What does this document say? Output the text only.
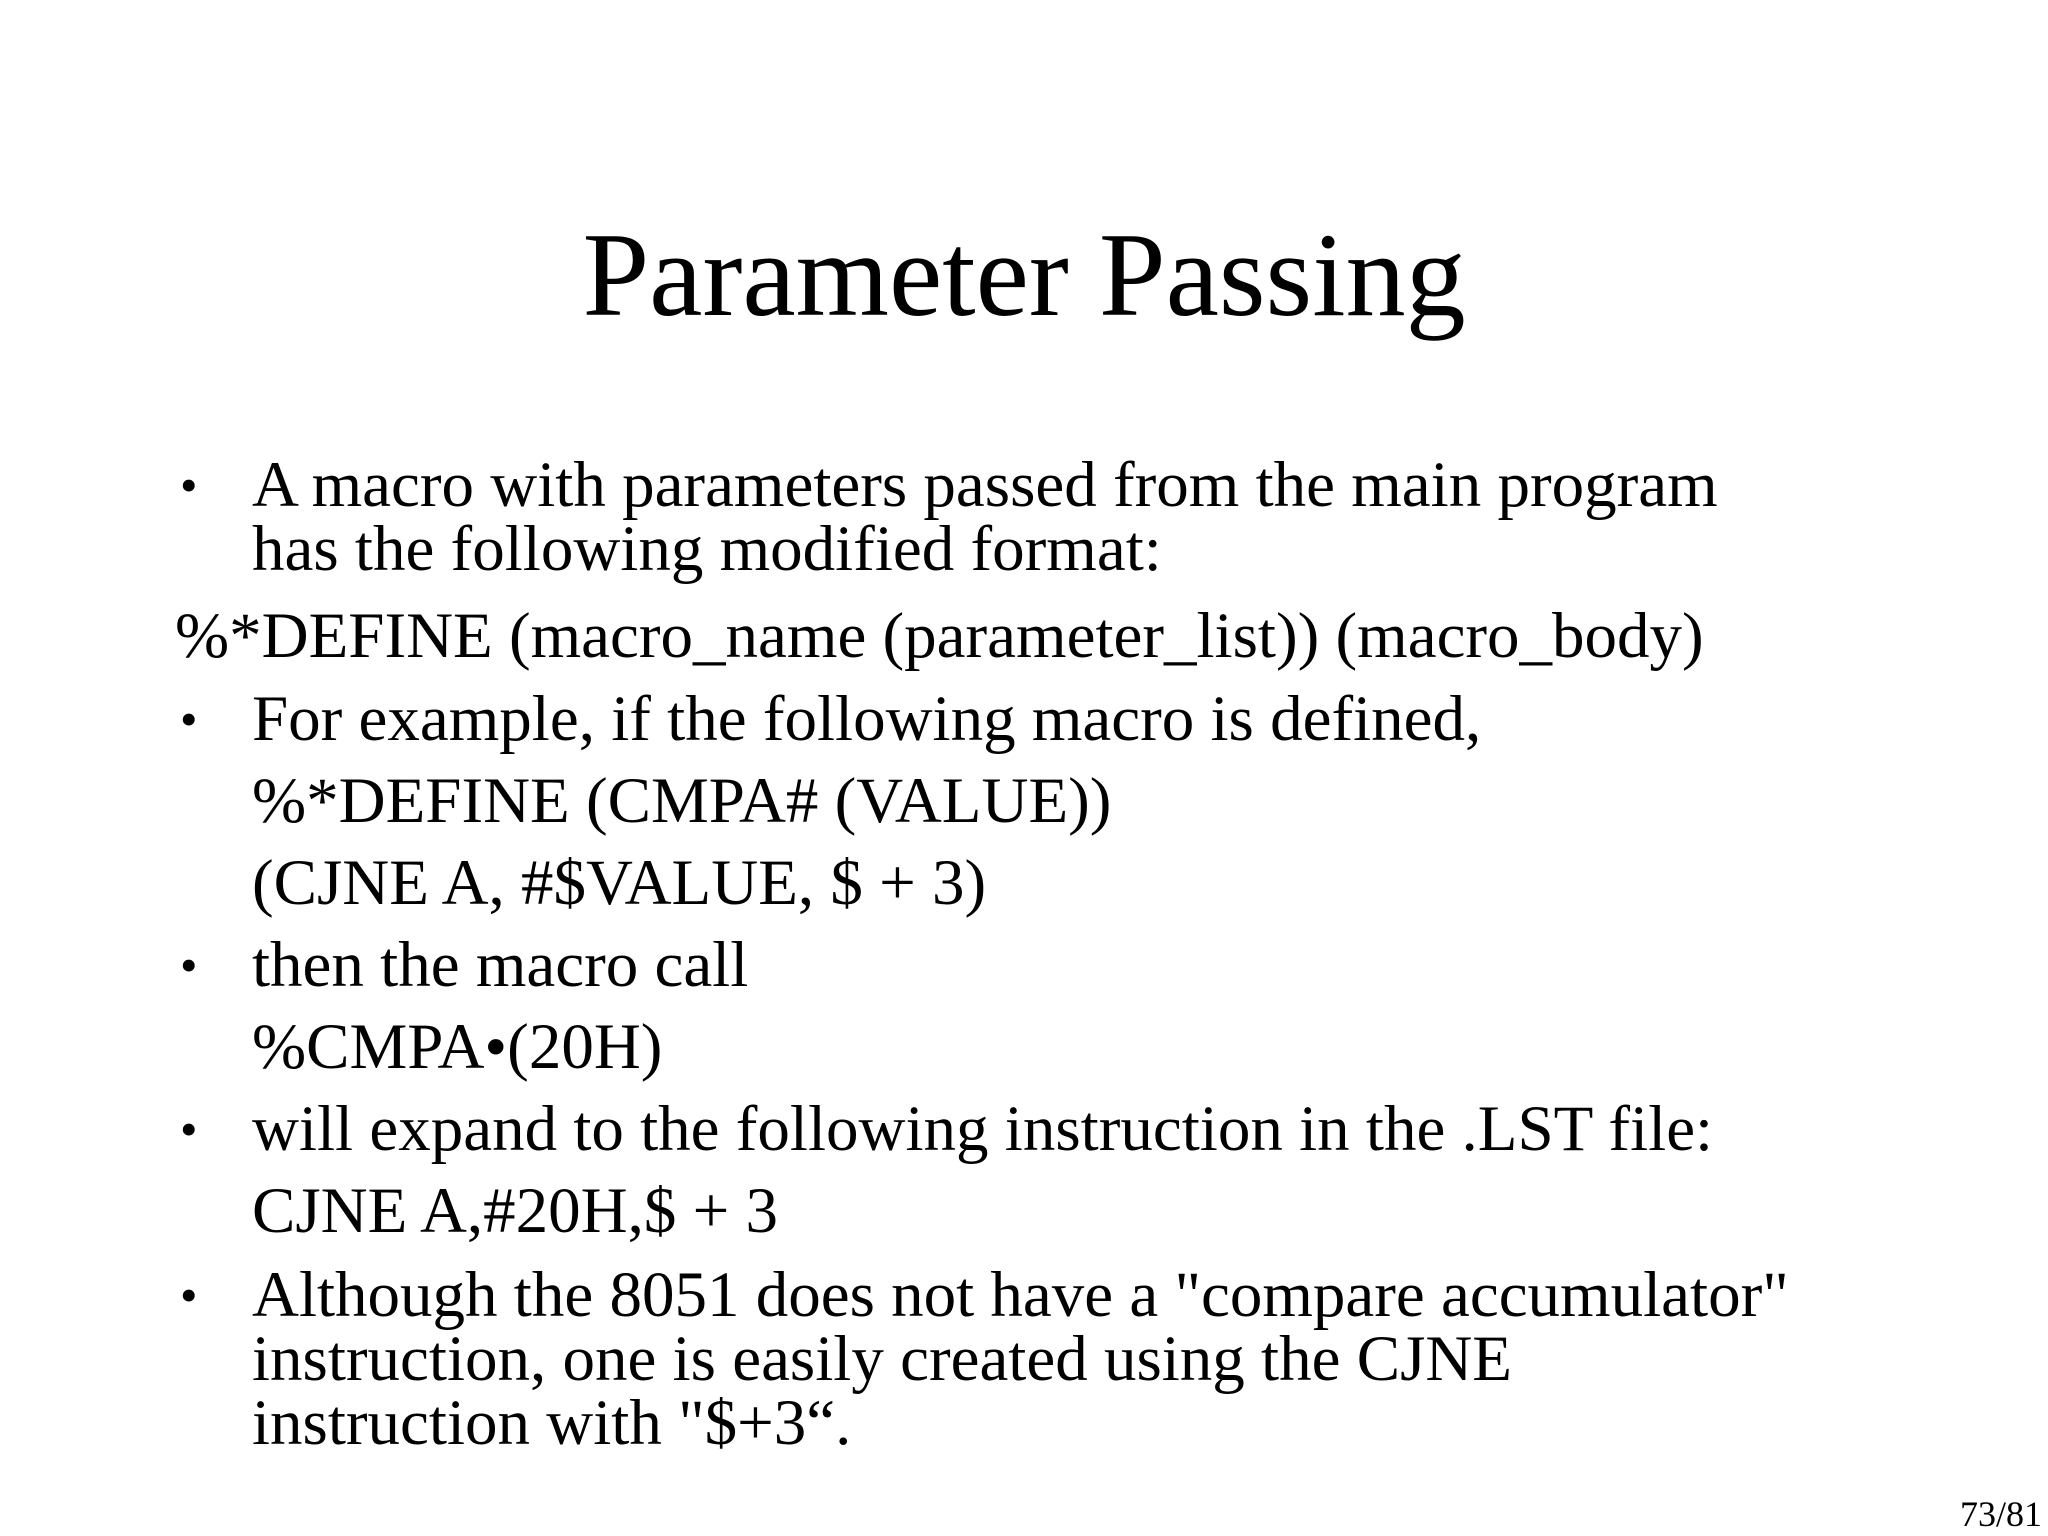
Parameter Passing
• A macro with parameters passed from the main program
has the following modified format:
%*DEFINE (macro_name (parameter_list)) (macro_body)
• For example, if the following macro is defined,
%*DEFINE (CMPA# (VALUE))
(CJNE A, #$VALUE, $ + 3)
• then the macro call
%CMPA•(20H)
• will expand to the following instruction in the .LST file:
CJNE A,#20H,$ + 3
• Although the 8051 does not have a "compare accumulator"
instruction, one is easily created using the CJNE
instruction with "$+3“.
73/81
